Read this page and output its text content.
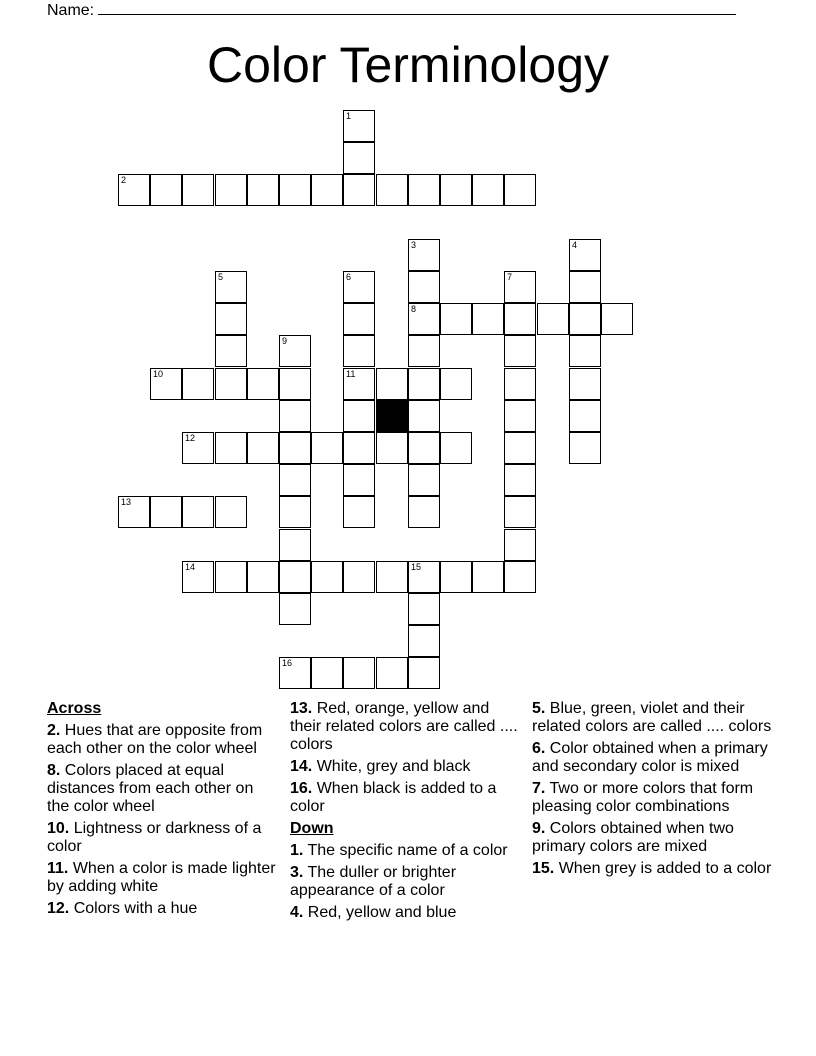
Name:
Color Terminology
1
2
3
8
4
5	6
11
7
9
10
12
13
14	15
16
Across
2. Hues that are opposite from each other on the color wheel
8. Colors placed at equal distances from each other on the color wheel
10. Lightness or darkness of a color
11. When a color is made lighter by adding white
12. Colors with a hue
13. Red, orange, yellow and their related colors are called .... colors
14. White, grey and black
16. When black is added to a color
Down
1. The specific name of a color
3. The duller or brighter appearance of a color
4. Red, yellow and blue
5. Blue, green, violet and their related colors are called .... colors
6. Color obtained when a primary and secondary color is mixed
7. Two or more colors that form pleasing color combinations
9. Colors obtained when two primary colors are mixed
15. When grey is added to a color
